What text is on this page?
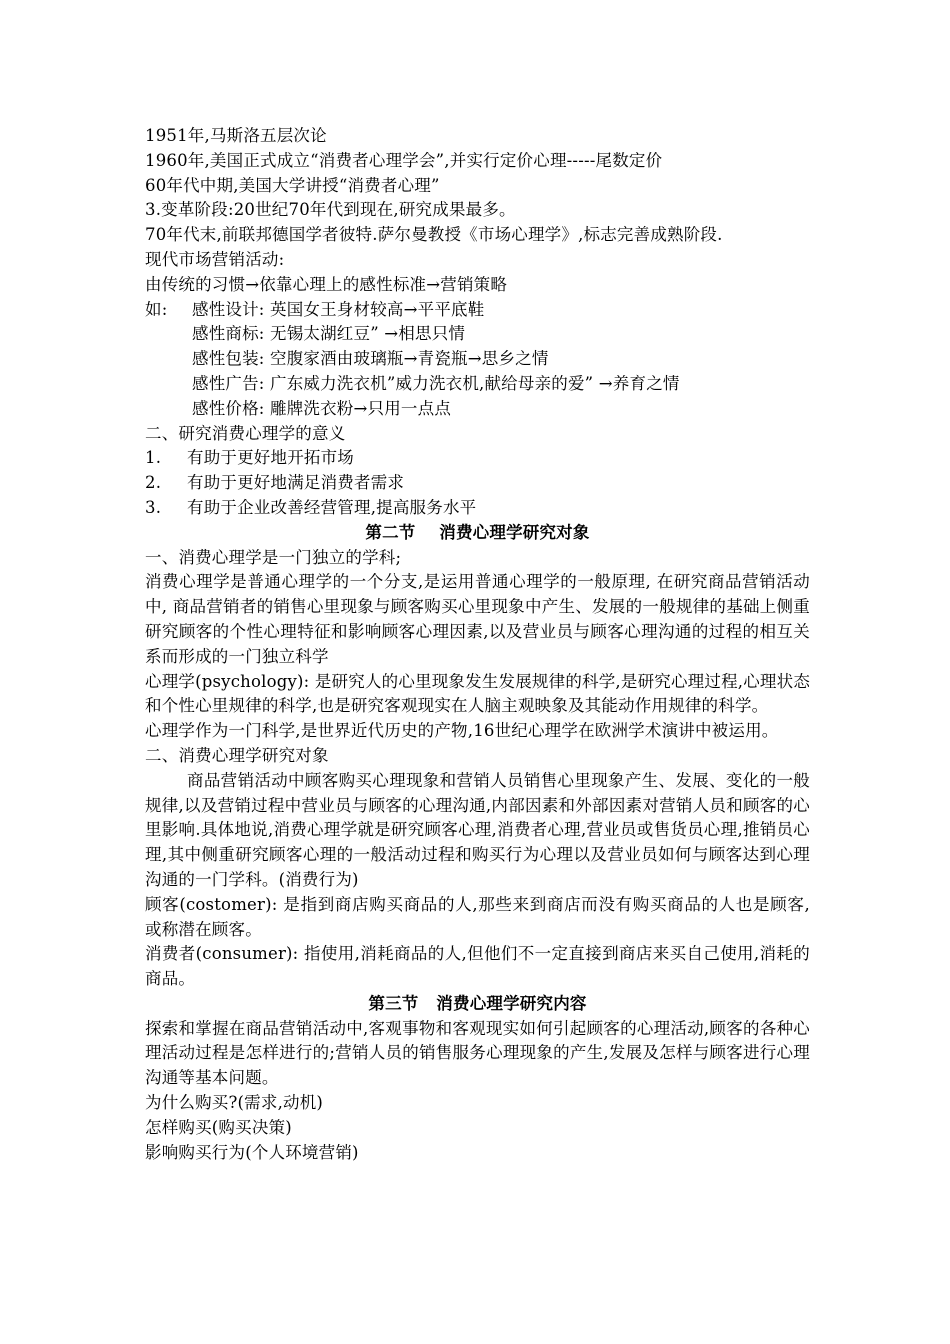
1951年,马斯洛五层次论
1960年,美国正式成立“消费者心理学会”,并实行定价心理-----尾数定价
60年代中期,美国大学讲授“消费者心理”
3.变革阶段:20世纪70年代到现在,研究成果最多。
70年代末,前联邦德国学者彼特.萨尔曼教授《市场心理学》,标志完善成熟阶段.
现代市场营销活动:
由传统的习惯→依靠心理上的感性标准→营销策略
如: 感性设计: 英国女王身材较高→平平底鞋
感性商标: 无锡太湖红豆” →相思只情
感性包装: 空腹家酒由玻璃瓶→青瓷瓶→思乡之情
感性广告: 广东威力洗衣机”威力洗衣机,献给母亲的爱” →养育之情
感性价格: 雕牌洗衣粉→只用一点点
二、研究消费心理学的意义
1.	有助于更好地开拓市场
2.	有助于更好地满足消费者需求
3.	有助于企业改善经营管理,提高服务水平
第二节    消费心理学研究对象
一、消费心理学是一门独立的学科;
消费心理学是普通心理学的一个分支,是运用普通心理学的一般原理, 在研究商品营销活动中, 商品营销者的销售心里现象与顾客购买心里现象中产生、发展的一般规律的基础上侧重研究顾客的个性心理特征和影响顾客心理因素,以及营业员与顾客心理沟通的过程的相互关系而形成的一门独立科学
心理学(psychology): 是研究人的心里现象发生发展规律的科学,是研究心理过程,心理状态和个性心里规律的科学,也是研究客观现实在人脑主观映象及其能动作用规律的科学。
心理学作为一门科学,是世界近代历史的产物,16世纪心理学在欧洲学术演讲中被运用。
二、消费心理学研究对象
商品营销活动中顾客购买心理现象和营销人员销售心里现象产生、发展、变化的一般规律,以及营销过程中营业员与顾客的心理沟通,内部因素和外部因素对营销人员和顾客的心里影响.具体地说,消费心理学就是研究顾客心理,消费者心理,营业员或售货员心理,推销员心理,其中侧重研究顾客心理的一般活动过程和购买行为心理以及营业员如何与顾客达到心理沟通的一门学科。(消费行为)
顾客(costomer): 是指到商店购买商品的人,那些来到商店而没有购买商品的人也是顾客,或称潜在顾客。
消费者(consumer): 指使用,消耗商品的人,但他们不一定直接到商店来买自己使用,消耗的商品。
第三节   消费心理学研究内容
探索和掌握在商品营销活动中,客观事物和客观现实如何引起顾客的心理活动,顾客的各种心理活动过程是怎样进行的;营销人员的销售服务心理现象的产生,发展及怎样与顾客进行心理沟通等基本问题。
为什么购买?(需求,动机)
怎样购买(购买决策)
影响购买行为(个人环境营销)
